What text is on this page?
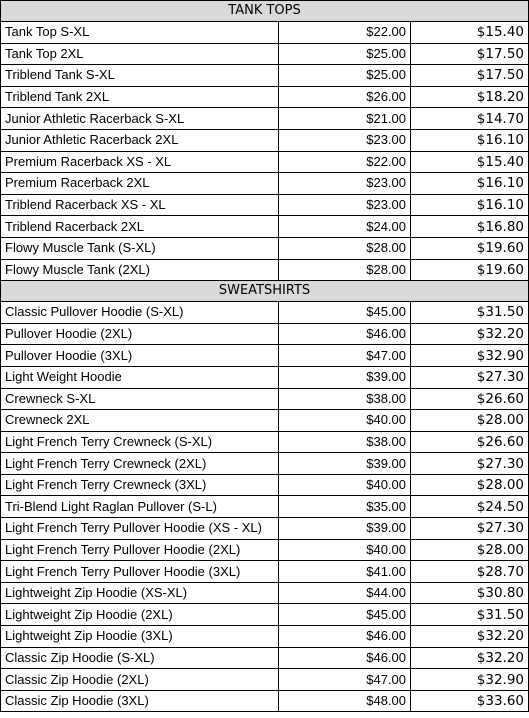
TANK TOPS		
Tank Top S-XL	$22.00	$15.40
Tank Top 2XL	$25.00	$17.50
Triblend Tank S-XL	$25.00	$17.50
Triblend Tank 2XL	$26.00	$18.20
Junior Athletic Racerback S-XL	$21.00	$14.70
Junior Athletic Racerback 2XL	$23.00	$16.10
Premium Racerback XS - XL	$22.00	$15.40
Premium Racerback 2XL	$23.00	$16.10
Triblend Racerback XS - XL	$23.00	$16.10
Triblend Racerback 2XL	$24.00	$16.80
Flowy Muscle Tank (S-XL)	$28.00	$19.60
Flowy Muscle Tank (2XL)	$28.00	$19.60
SWEATSHIRTS		
Classic Pullover Hoodie (S-XL)	$45.00	$31.50
Pullover Hoodie (2XL)	$46.00	$32.20
Pullover Hoodie (3XL)	$47.00	$32.90
Light Weight Hoodie	$39.00	$27.30
Crewneck S-XL	$38.00	$26.60
Crewneck 2XL	$40.00	$28.00
Light French Terry Crewneck (S-XL)	$38.00	$26.60
Light French Terry Crewneck (2XL)	$39.00	$27.30
Light French Terry Crewneck (3XL)	$40.00	$28.00
Tri-Blend Light Raglan Pullover (S-L)	$35.00	$24.50
Light French Terry Pullover Hoodie (XS - XL)	$39.00	$27.30
Light French Terry Pullover Hoodie (2XL)	$40.00	$28.00
Light French Terry Pullover Hoodie (3XL)	$41.00	$28.70
Lightweight Zip Hoodie (XS-XL)	$44.00	$30.80
Lightweight Zip Hoodie (2XL)	$45.00	$31.50
Lightweight Zip Hoodie (3XL)	$46.00	$32.20
Classic Zip Hoodie (S-XL)	$46.00	$32.20
Classic Zip Hoodie (2XL)	$47.00	$32.90
Classic Zip Hoodie (3XL)	$48.00	$33.60
